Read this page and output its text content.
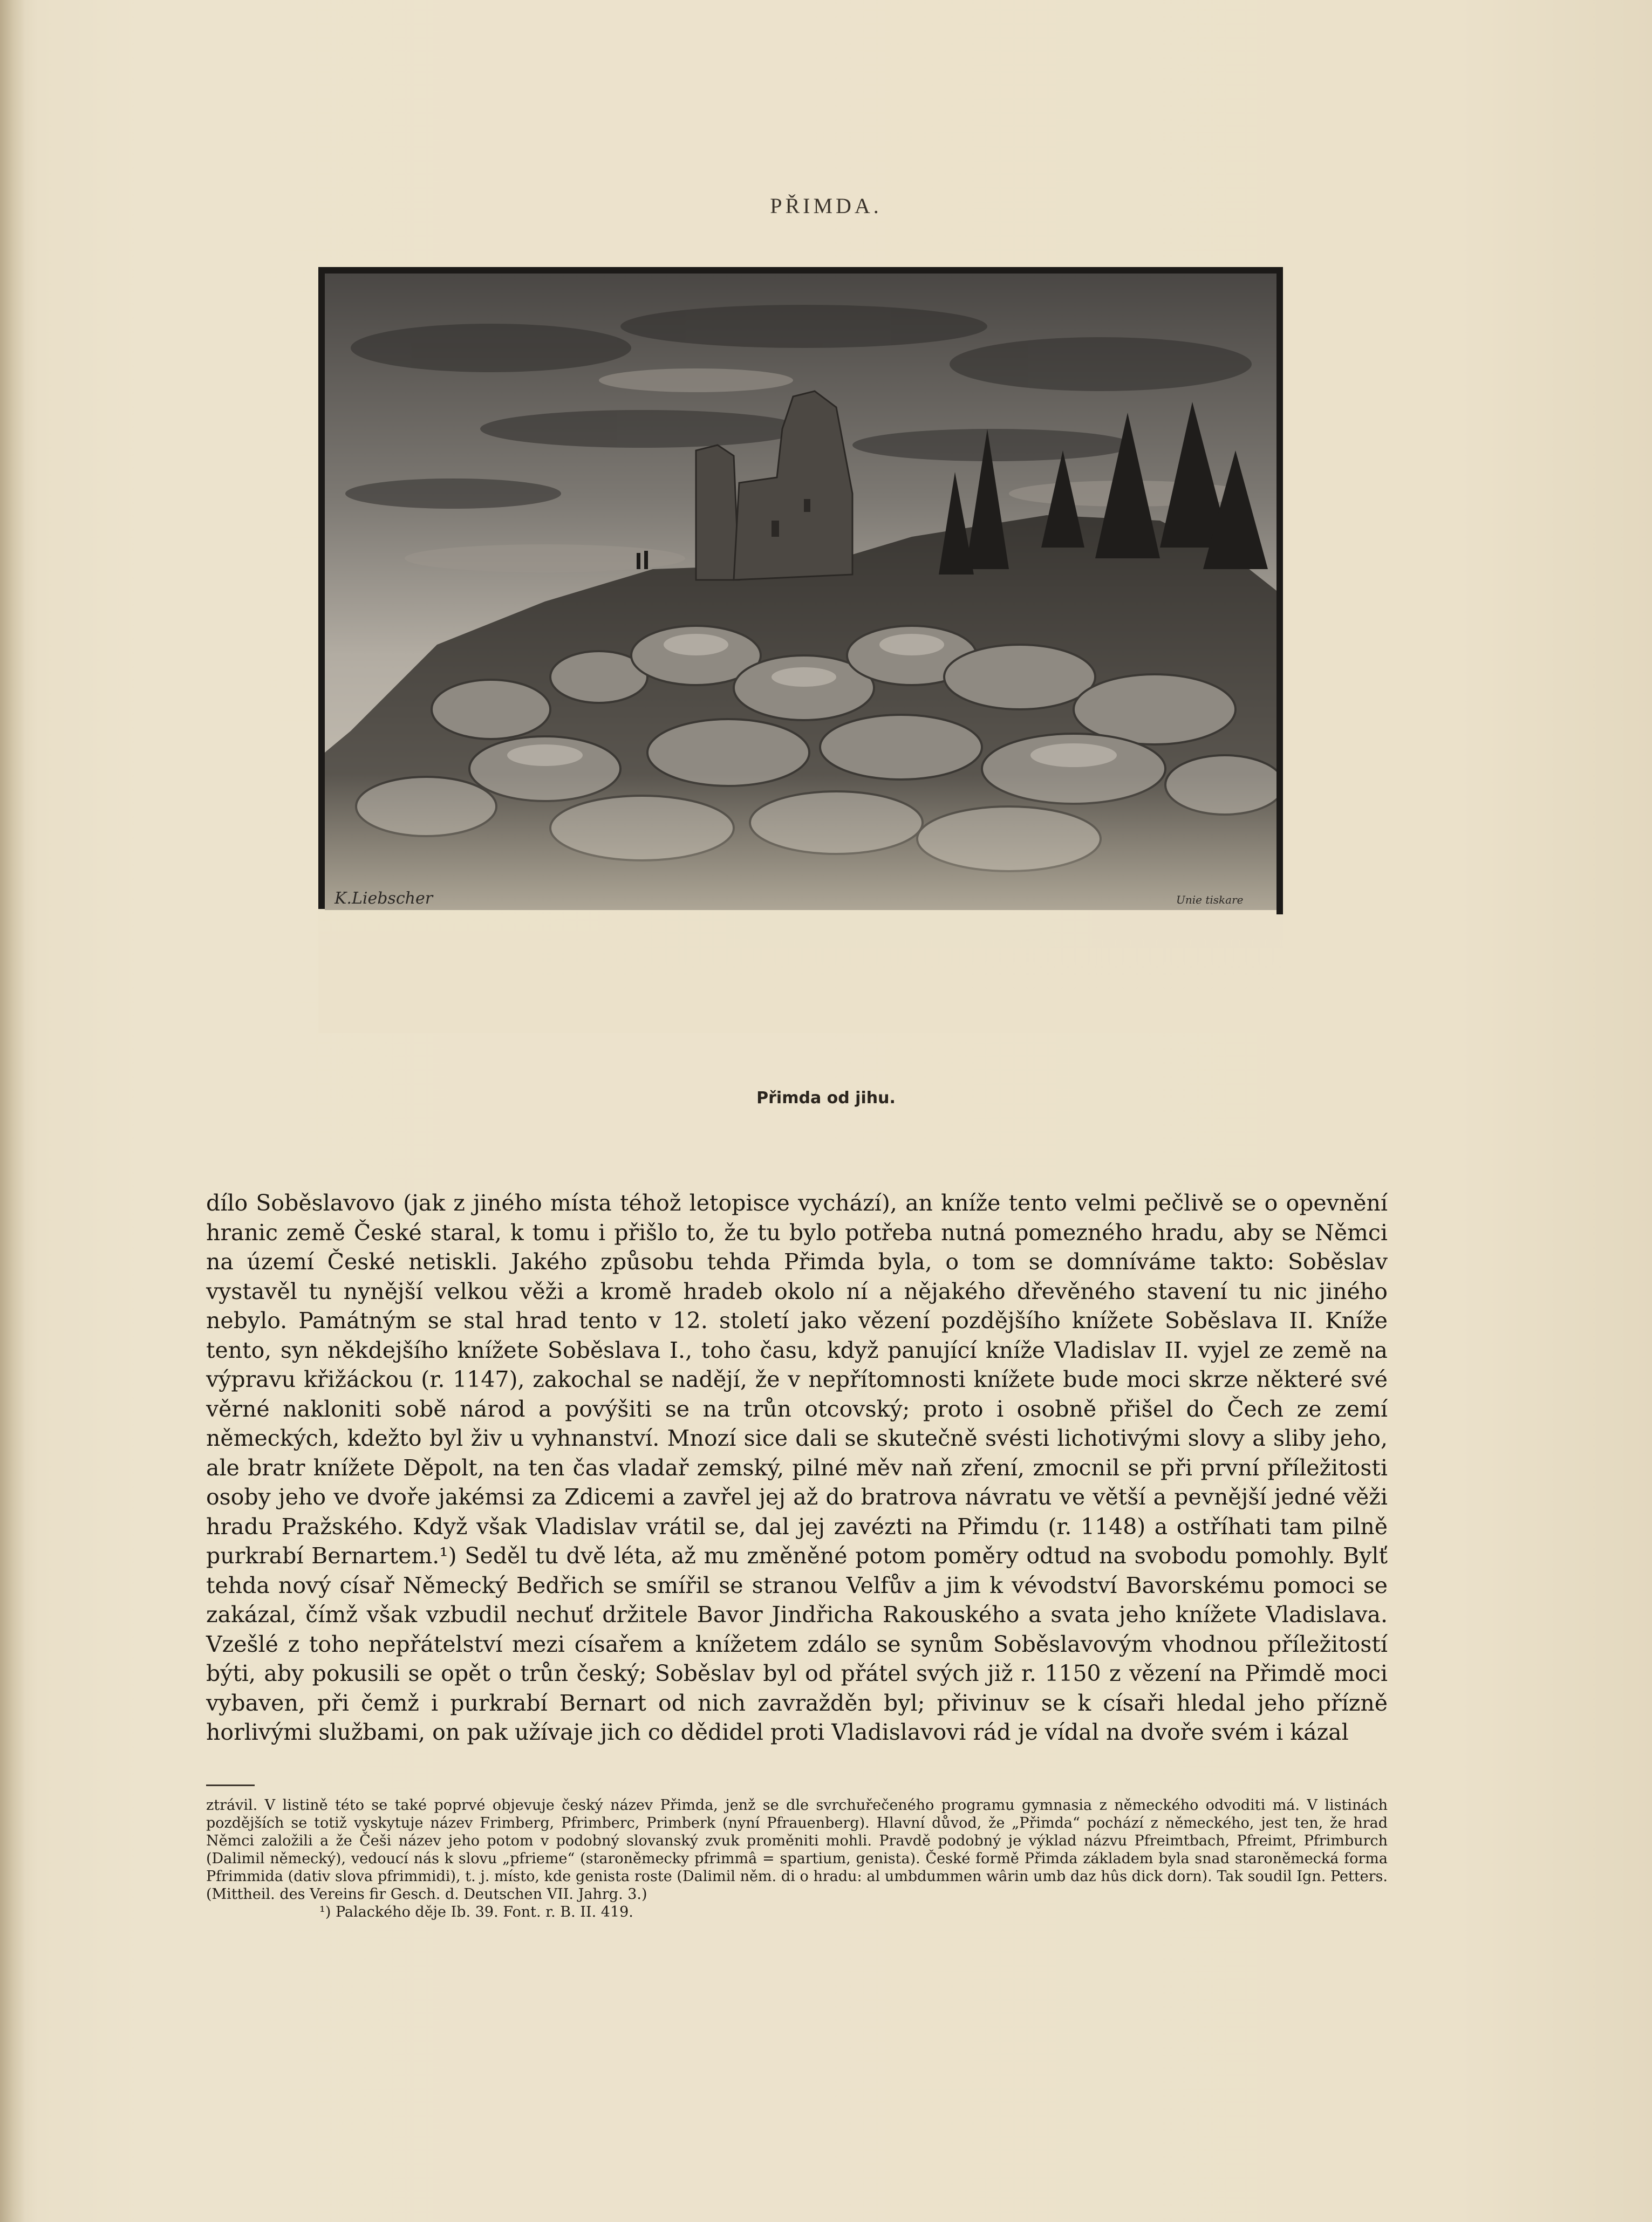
PŘIMDA.
K.Liebscher	Unie tiskare
Přimda od jihu.

dílo Soběslavovo (jak z jiného místa téhož letopisce vychází), an kníže tento velmi pečlivě se o opevnění hranic země České staral, k tomu i přišlo to, že tu bylo potřeba nutná pomezného hradu, aby se Němci na území České netiskli. Jakého způsobu tehda Přimda byla, o tom se domníváme takto: Soběslav vystavěl tu nynější velkou věži a kromě hradeb okolo ní a nějakého dřevěného stavení tu nic jiného nebylo. Památným se stal hrad tento v 12. století jako vězení pozdějšího knížete Soběslava II. Kníže tento, syn někdejšího knížete Soběslava I., toho času, když panující kníže Vladislav II. vyjel ze země na výpravu křižáckou (r. 1147), zakochal se nadějí, že v nepřítomnosti knížete bude moci skrze některé své věrné nakloniti sobě národ a povýšiti se na trůn otcovský; proto i osobně přišel do Čech ze zemí německých, kdežto byl živ u vyhnanství. Mnozí sice dali se skutečně svésti lichotivými slovy a sliby jeho, ale bratr knížete Děpolt, na ten čas vladař zemský, pilné měv naň zření, zmocnil se při první příležitosti osoby jeho ve dvoře jakémsi za Zdicemi a zavřel jej až do bratrova návratu ve větší a pevnější jedné věži hradu Pražského. Když však Vladislav vrátil se, dal jej zavézti na Přimdu (r. 1148) a ostříhati tam pilně purkrabí Bernartem.¹) Seděl tu dvě léta, až mu změněné potom poměry odtud na svobodu pomohly. Bylť tehda nový císař Německý Bedřich se smířil se stranou Velfův a jim k vévodství Bavorskému pomoci se zakázal, čímž však vzbudil nechuť držitele Bavor Jindřicha Rakouského a svata jeho knížete Vladislava. Vzešlé z toho nepřátelství mezi císařem a knížetem zdálo se synům Soběslavovým vhodnou příležitostí býti, aby pokusili se opět o trůn český; Soběslav byl od přátel svých již r. 1150 z vězení na Přimdě moci vybaven, při čemž i purkrabí Bernart od nich zavražděn byl; přivinuv se k císaři hledal jeho přízně horlivými službami, on pak užívaje jich co dědidel proti Vladislavovi rád je vídal na dvoře svém i kázal

ztrávil. V listině této se také poprvé objevuje český název Přimda, jenž se dle svrchuřečeného programu gymnasia z německého odvoditi má. V listinách pozdějších se totiž vyskytuje název Frimberg, Pfrimberc, Primberk (nyní Pfrauenberg). Hlavní důvod, že „Přimda“ pochází z německého, jest ten, že hrad Němci založili a že Češi název jeho potom v podobný slovanský zvuk proměniti mohli. Pravdě podobný je výklad názvu Pfreimtbach, Pfreimt, Pfrimburch (Dalimil německý), vedoucí nás k slovu „pfrieme“ (staroněmecky pfrimmâ = spartium, genista). České formě Přimda základem byla snad staroněmecká forma Pfrimmida (dativ slova pfrimmidi), t. j. místo, kde genista roste (Dalimil něm. di o hradu: al umbdummen wârin umb daz hûs dick dorn). Tak soudil Ign. Petters. (Mittheil. des Vereins fir Gesch. d. Deutschen VII. Jahrg. 3.)

¹) Palackého děje Ib. 39. Font. r. B. II. 419.
